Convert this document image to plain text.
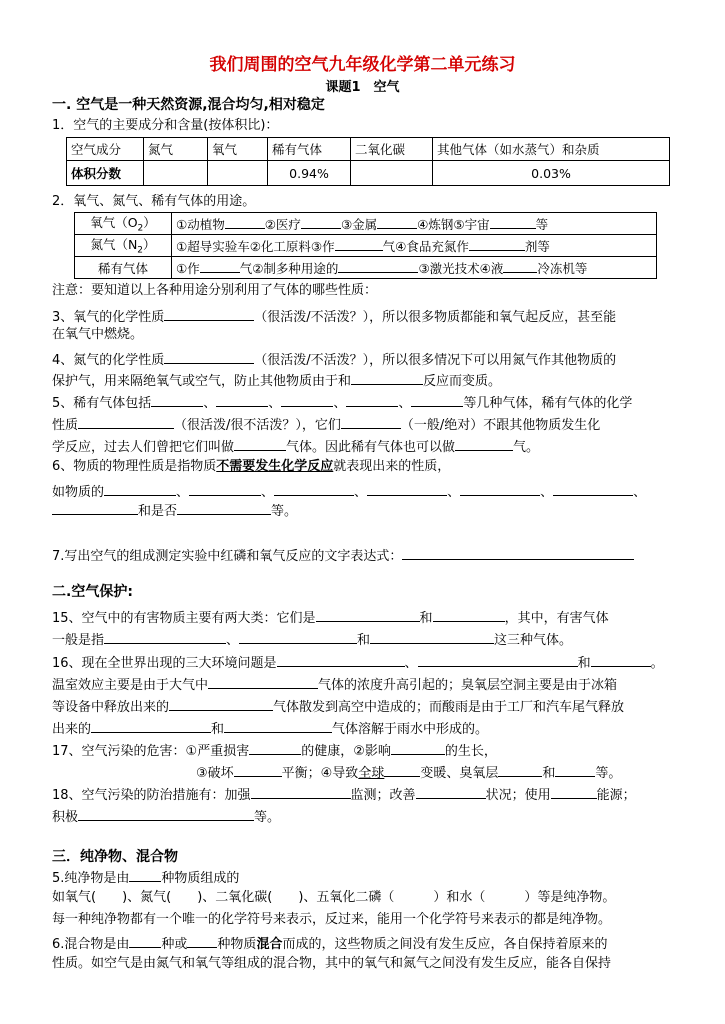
我们周围的空气九年级化学第二单元练习
课题1　空气
一. 空气是一种天然资源,混合均匀,相对稳定
1．空气的主要成分和含量(按体积比)：
空气成分	氮气	氧气	稀有气体	二氧化碳	其他气体（如水蒸气）和杂质
体积分数			0.94%		0.03%
2．氧气、氮气、稀有气体的用途。
氧气$(O_2)$	①动植物 ②医疗 ③金属 ④炼钢⑤宇宙 等
氮气$(N_2)$	①超导实验车②化工原料③作 气④食品充氮作 剂等
稀有气体	①作 气②制多种用途的 ③激光技术④液 冷冻机等
注意：要知道以上各种用途分别利用了气体的哪些性质：
3、氧气的化学性质	（很活泼/不活泼？），所以很多物质都能和氧气起反应，甚至能
在氧气中燃烧。
4、氮气的化学性质	（很活泼/不活泼？），所以很多情况下可以用氮气作其他物质的
保护气，用来隔绝氧气或空气，防止其他物质由于和	反应而变质。
5、稀有气体包括	、	、	、	、	等几种气体，稀有气体的化学
性质	（很活泼/很不活泼？），它们	（一般/绝对）不跟其他物质发生化
学反应，过去人们曾把它们叫做	气体。因此稀有气体也可以做	气。
6、物质的物理性质是指物质不需要发生化学反应就表现出来的性质，
如物质的	、	、	、	、	、	、
和是否	等。
7.写出空气的组成测定实验中红磷和氧气反应的文字表达式：
二.空气保护:
15、空气中的有害物质主要有两大类：它们是	和	，其中，有害气体
一般是指	、	和	这三种气体。
16、现在全世界出现的三大环境问题是	、	和	。
温室效应主要是由于大气中	气体的浓度升高引起的；臭氧层空洞主要是由于冰箱
等设备中释放出来的	气体散发到高空中造成的；而酸雨是由于工厂和汽车尾气释放
出来的	和	气体溶解于雨水中形成的。
17、空气污染的危害：①严重损害	的健康，②影响	的生长，
③破坏	平衡；④导致全球	变暖、臭氧层	和	等。
18、空气污染的防治措施有：加强	监测；改善	状况；使用	能源；
积极	等。
三．纯净物、混合物
5.纯净物是由 种物质组成的
如氧气(　　)、氮气(　　)、二氧化碳(　　)、五氧化二磷（　　　）和水（　　　）等是纯净物。
每一种纯净物都有一个唯一的化学符号来表示，反过来，能用一个化学符号来表示的都是纯净物。
6.混合物是由 种或 种物质混合而成的，这些物质之间没有发生反应，各自保持着原来的
性质。如空气是由氮气和氧气等组成的混合物，其中的氧气和氮气之间没有发生反应，能各自保持
